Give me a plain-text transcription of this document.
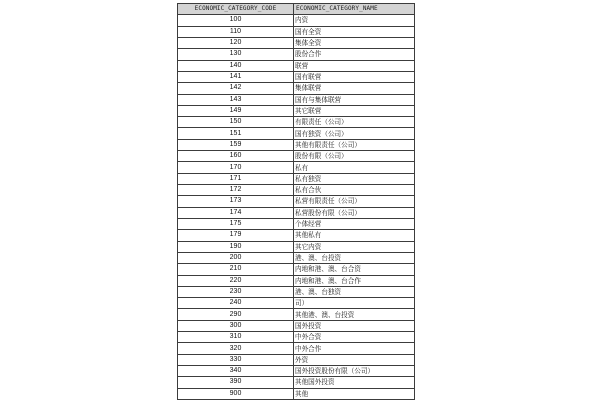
ECONOMIC_CATEGORY_CODE	ECONOMIC_CATEGORY_NAME
100	内资
110	国有全资
120	集体全资
130	股份合作
140	联营
141	国有联营
142	集体联营
143	国有与集体联营
149	其它联营
150	有限责任（公司）
151	国有独资（公司）
159	其他有限责任（公司）
160	股份有限（公司）
170	私有
171	私有独资
172	私有合伙
173	私营有限责任（公司）
174	私营股份有限（公司）
175	个体经营
179	其他私有
190	其它内资
200	港、澳、台投资
210	内地和港、澳、台合资
220	内地和港、澳、台合作
230	港、澳、台独资
240	司）
290	其他港、澳、台投资
300	国外投资
310	中外合资
320	中外合作
330	外资
340	国外投资股份有限（公司）
390	其他国外投资
900	其他
